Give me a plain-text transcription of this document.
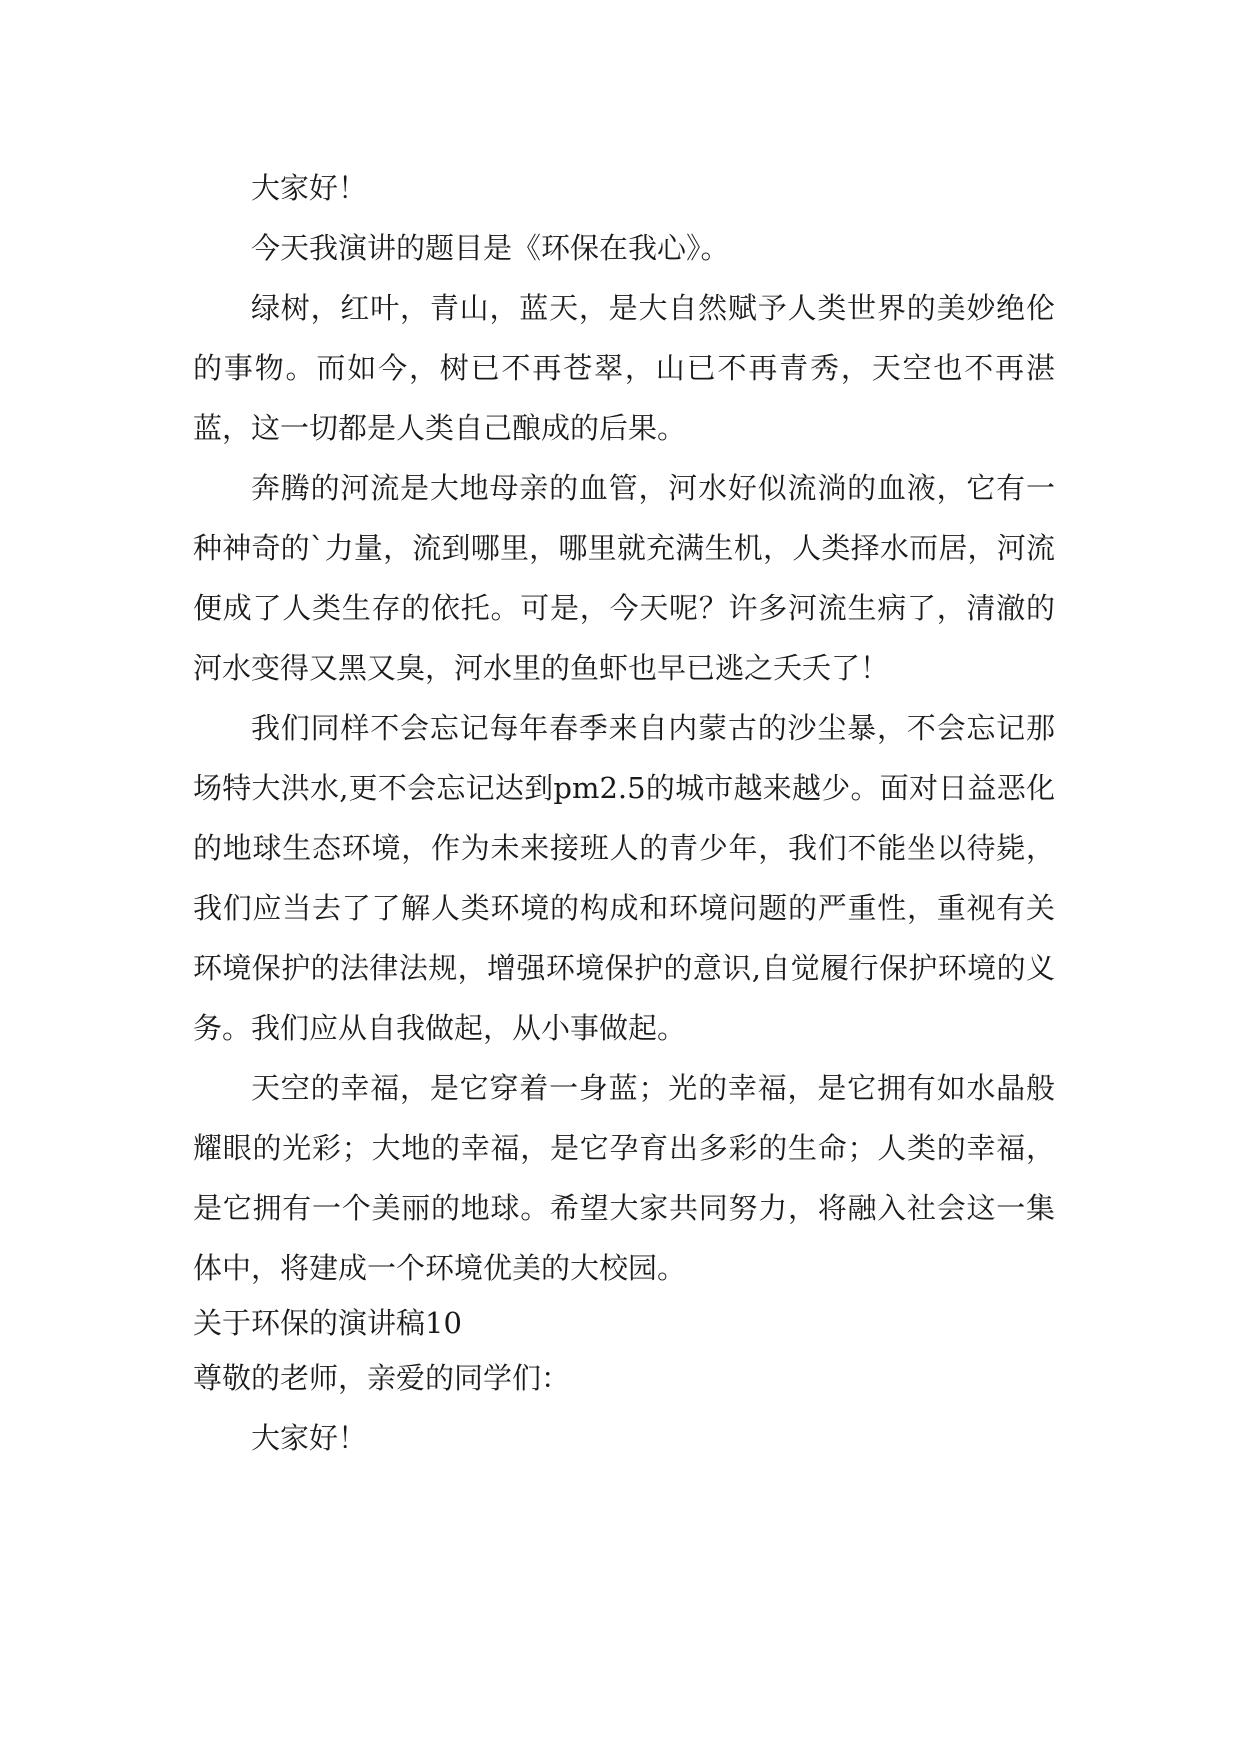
大家好！

今天我演讲的题目是《环保在我心》。

绿树，红叶，青山，蓝天，是大自然赋予人类世界的美妙绝伦的事物。而如今，树已不再苍翠，山已不再青秀，天空也不再湛蓝，这一切都是人类自己酿成的后果。

奔腾的河流是大地母亲的血管，河水好似流淌的血液，它有一种神奇的`力量，流到哪里，哪里就充满生机，人类择水而居，河流便成了人类生存的依托。可是，今天呢？许多河流生病了，清澈的河水变得又黑又臭，河水里的鱼虾也早已逃之夭夭了！

我们同样不会忘记每年春季来自内蒙古的沙尘暴，不会忘记那场特大洪水,更不会忘记达到pm2.5的城市越来越少。面对日益恶化的地球生态环境，作为未来接班人的青少年，我们不能坐以待毙，我们应当去了了解人类环境的构成和环境问题的严重性，重视有关环境保护的法律法规，增强环境保护的意识,自觉履行保护环境的义务。我们应从自我做起，从小事做起。

天空的幸福，是它穿着一身蓝；光的幸福，是它拥有如水晶般耀眼的光彩；大地的幸福，是它孕育出多彩的生命；人类的幸福，是它拥有一个美丽的地球。希望大家共同努力，将融入社会这一集体中，将建成一个环境优美的大校园。

关于环保的演讲稿10

尊敬的老师，亲爱的同学们：

大家好！
